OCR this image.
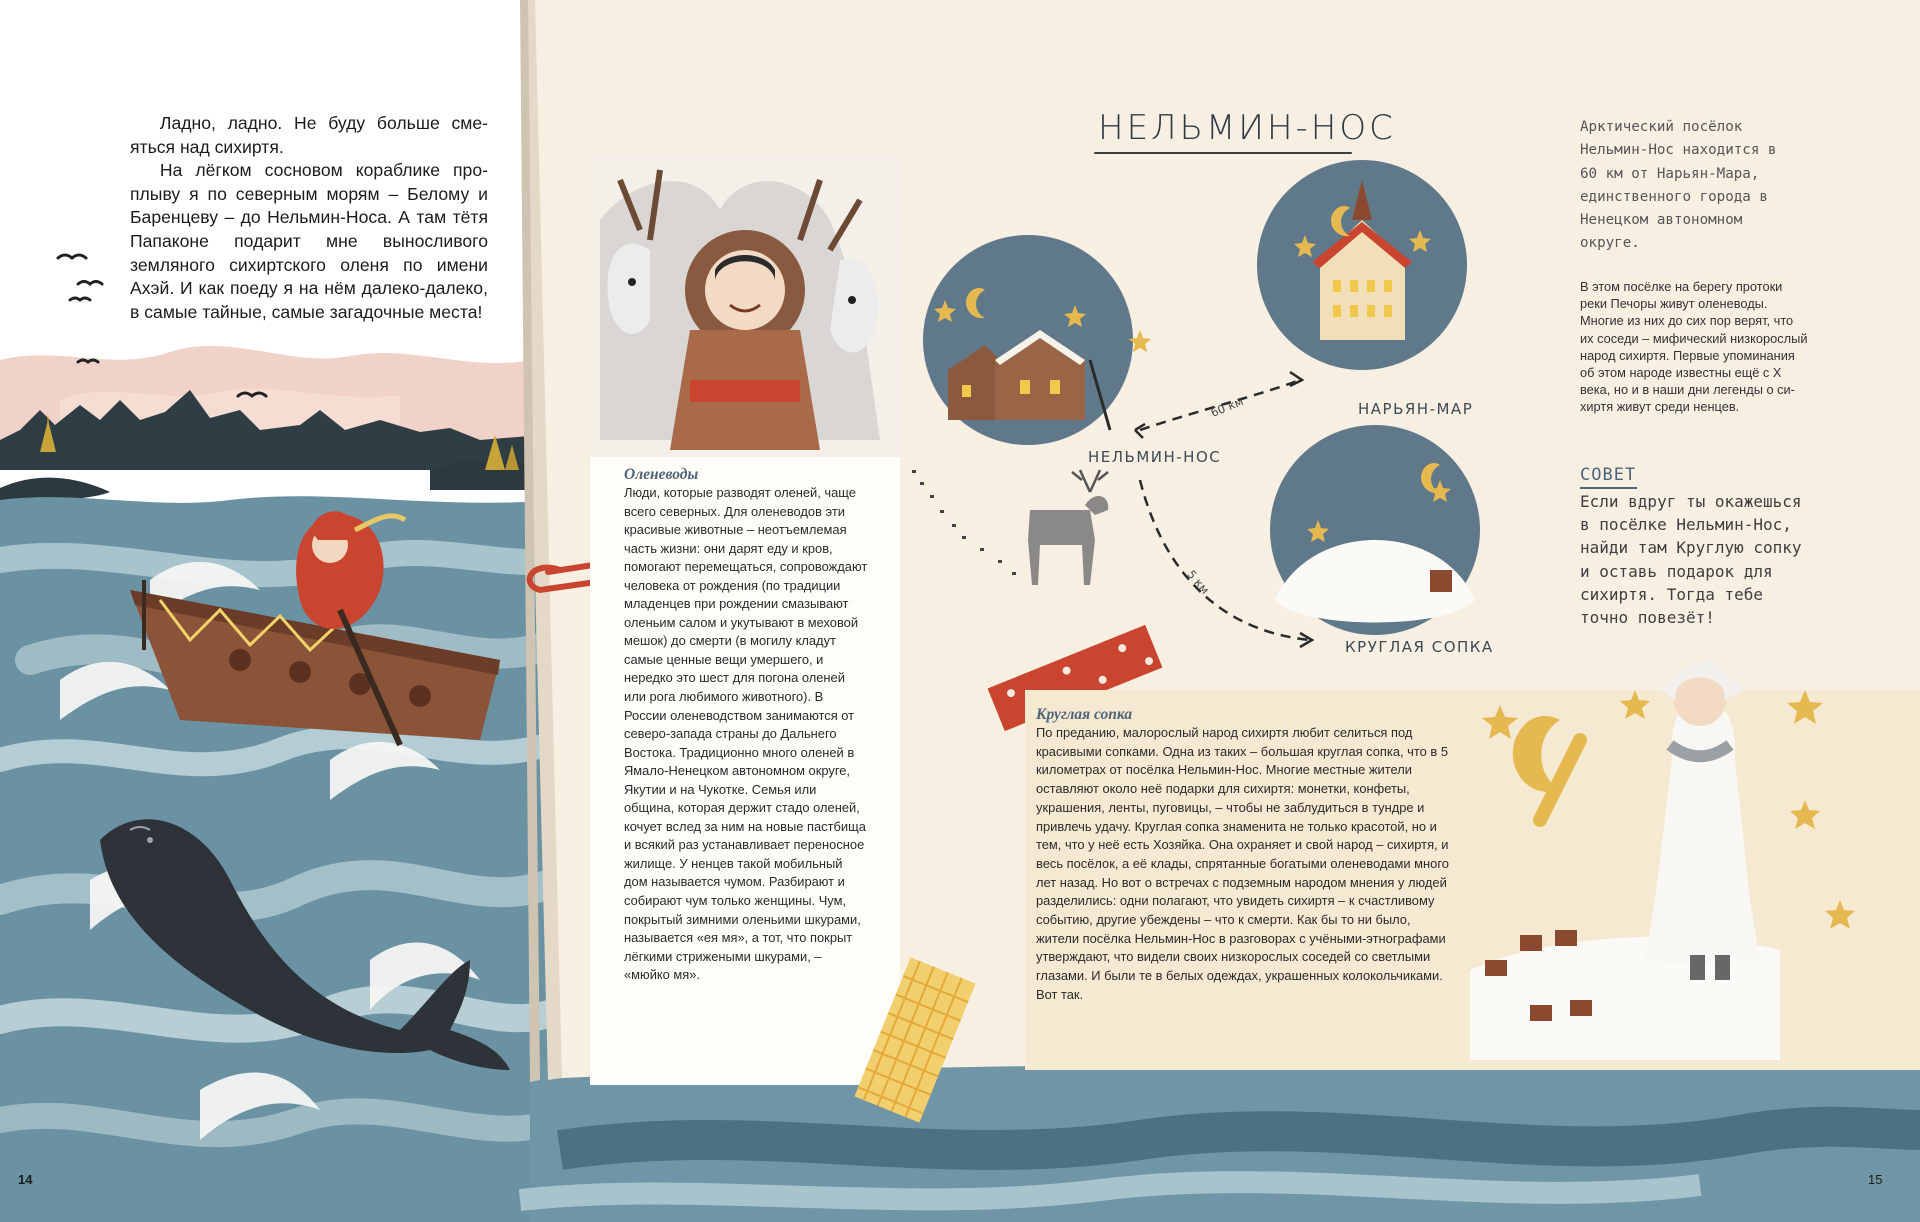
Ладно, ладно. Не буду больше смеяться над сихиртя.

На лёгком сосновом кораблике проплыву я по северным морям – Белому и Баренцеву – до Нельмин-Носа. А там тётя Папаконе подарит мне выносливого земляного сихиртского оленя по имени Ахэй. И как поеду я на нём далеко-далеко, в самые тайные, самые загадочные места!

14
НЕЛЬМИН-НОС	Арктический посёлок Нельмин-Нос находится в 60 км от Нарьян-Мара, единственного города в Ненецком автономном округе.
В этом посёлке на берегу протоки реки Печоры живут оленеводы. Многие из них до сих пор верят, что их соседи – мифический низкорослый народ сихиртя. Первые упоминания об этом народе известны ещё с X века, но и в наши дни легенды о сихиртя живут среди ненцев.
СОВЕТ
Если вдруг ты окажешься в посёлке Нельмин-Нос, найди там Круглую сопку и оставь подарок для сихиртя. Тогда тебе точно повезёт!
Оленеводы
Люди, которые разводят оленей, чаще всего северных. Для оленеводов эти красивые животные – неотъемлемая часть жизни: они дарят еду и кров, помогают перемещаться, сопровождают человека от рождения (по традиции младенцев при рождении смазывают оленьим салом и укутывают в меховой мешок) до смерти (в могилу кладут самые ценные вещи умершего, и нередко это шест для погона оленей или рога любимого животного). В России оленеводством занимаются от северо-запада страны до Дальнего Востока. Традиционно много оленей в Ямало-Ненецком автономном округе, Якутии и на Чукотке. Семья или община, которая держит стадо оленей, кочует вслед за ним на новые пастбища и всякий раз устанавливает переносное жилище. У ненцев такой мобильный дом называется чумом. Разбирают и собирают чум только женщины. Чум, покрытый зимними оленьими шкурами, называется «ея мя», а тот, что покрыт лёгкими стрижеными шкурами, – «мюйко мя».
Круглая сопка
По преданию, малорослый народ сихиртя любит селиться под красивыми сопками. Одна из таких – большая круглая сопка, что в 5 километрах от посёлка Нельмин-Нос. Многие местные жители оставляют около неё подарки для сихиртя: монетки, конфеты, украшения, ленты, пуговицы, – чтобы не заблудиться в тундре и привлечь удачу. Круглая сопка знаменита не только красотой, но и тем, что у неё есть Хозяйка. Она охраняет и свой народ – сихиртя, и весь посёлок, а её клады, спрятанные богатыми оленеводами много лет назад. Но вот о встречах с подземным народом мнения у людей разделились: одни полагают, что увидеть сихиртя – к счастливому событию, другие убеждены – что к смерти. Как бы то ни было, жители посёлка Нельмин-Нос в разговорах с учёными-этнографами утверждают, что видели своих низкорослых соседей со светлыми глазами. И были те в белых одеждах, украшенных колокольчиками. Вот так.
НЕЛЬМИН-НОС
НАРЬЯН-МАР
КРУГЛАЯ СОПКА
60 км
5 км
15
